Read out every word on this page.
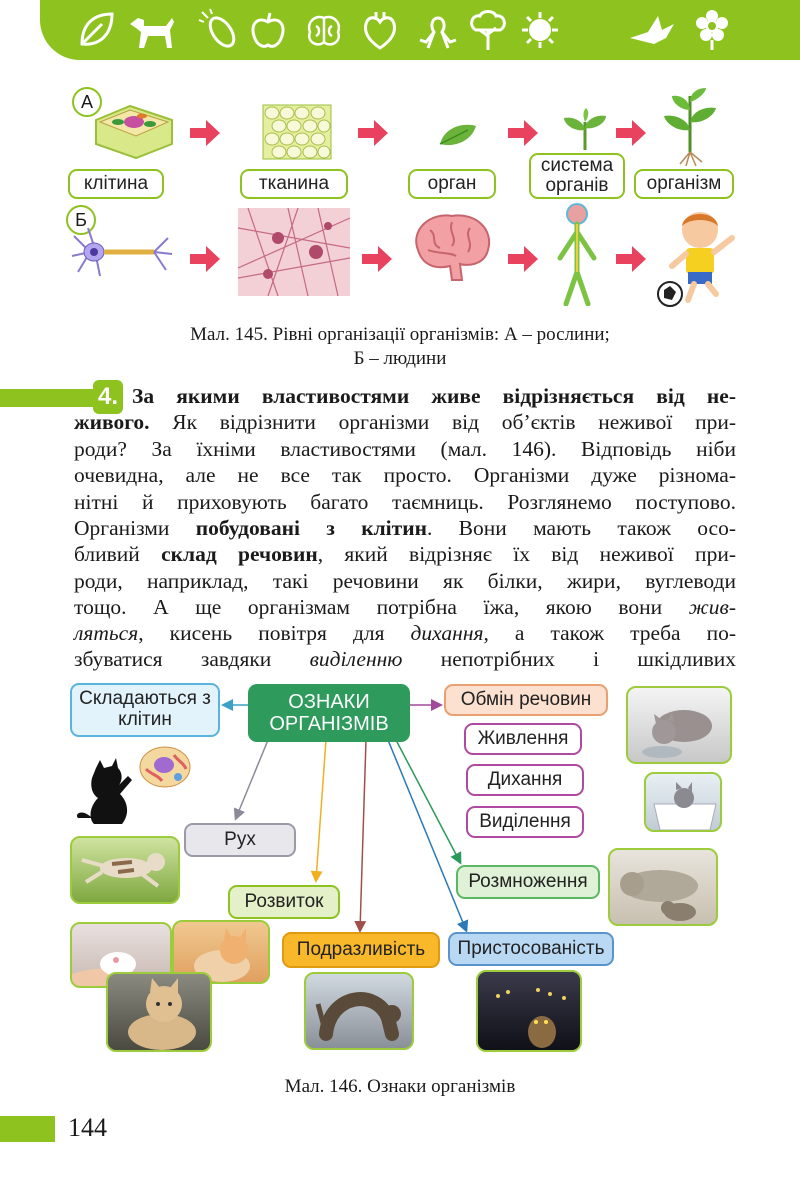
А
Б
клітина	тканина	орган
система органів	організм
Мал. 145. Рівні організації організмів: А – рослини;
Б – людини
4. За якими властивостями живе відрізняється від не-
живого. Як відрізнити організми від об’єктів неживої при-
роди? За їхніми властивостями (мал. 146). Відповідь ніби
очевидна, але не все так просто. Організми дуже різнома-
нітні й приховують багато таємниць. Розглянемо поступово.
Організми побудовані з клітин. Вони мають також осо-
бливий склад речовин, який відрізняє їх від неживої при-
роди, наприклад, такі речовини як білки, жири, вуглеводи
тощо. А ще організмам потрібна їжа, якою вони жив-
ляться, кисень повітря для дихання, а також треба по-
збуватися завдяки виділенню непотрібних і шкідливих
ОЗНАКИ
ОРГАНІЗМІВ
Складаються з клітин
Обмін речовин
Живлення
Дихання
Виділення
Рух
Розвиток
Подразливість
Розмноження
Пристосованість
Мал. 146. Ознаки організмів
144
